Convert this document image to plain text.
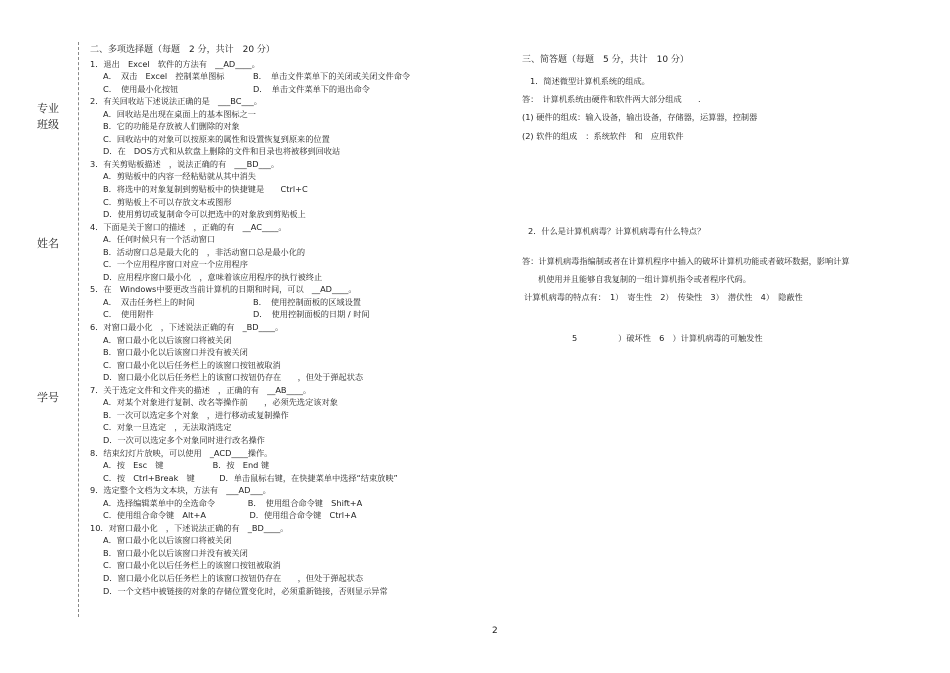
专业
班级
姓名
学号
二、多项选择题（每题　2 分，共计　20 分）
1．退出　Excel　软件的方法有　__AD____。
A．　双击　Excel　控制菜单图标	B．　单击文件菜单下的关闭或关闭文件命令
C．　使用最小化按钮	D．　单击文件菜单下的退出命令
2．有关回收站下述说法正确的是　___BC___。
A．回收站是出现在桌面上的基本图标之一
B．它的功能是存放被人们删除的对象
C．回收站中的对象可以按原来的属性和设置恢复到原来的位置
D．在　DOS方式和从软盘上删除的文件和目录也将被移到回收站
3．有关剪贴板描述　，说法正确的有　___BD___。
A．剪贴板中的内容一经粘贴就从其中消失
B．将选中的对象复制到剪贴板中的快捷键是　　Ctrl+C
C．剪贴板上不可以存放文本或图形
D．使用剪切或复制命令可以把选中的对象放到剪贴板上
4．下面是关于窗口的描述　，正确的有　__AC____。
A．任何时候只有一个活动窗口
B．活动窗口总是最大化的　，非活动窗口总是最小化的
C．一个应用程序窗口对应一个应用程序
D．应用程序窗口最小化　，意味着该应用程序的执行被终止
5．在　Windows中要更改当前计算机的日期和时间，可以　__AD____。
A．　双击任务栏上的时间	B．　使用控制面板的区域设置
C．　使用附件	D．　使用控制面板的日期 / 时间
6．对窗口最小化　，下述说法正确的有　_BD____。
A．窗口最小化以后该窗口将被关闭
B．窗口最小化以后该窗口并没有被关闭
C．窗口最小化以后任务栏上的该窗口按钮被取消
D．窗口最小化以后任务栏上的该窗口按钮仍存在　　，但处于弹起状态
7．关于选定文件和文件夹的描述　，正确的有　__AB____。
A．对某个对象进行复制、改名等操作前　　，必须先选定该对象
B．一次可以选定多个对象　，进行移动或复制操作
C．对象一旦选定　，无法取消选定
D．一次可以选定多个对象同时进行改名操作
8．结束幻灯片放映，可以使用　_ACD____操作。
A．按　Esc　键　　　　　　B．按　End 键
C．按　Ctrl+Break　键　　　D．单击鼠标右键，在快捷菜单中选择“结束放映”
9．选定整个文档为文本块，方法有　___AD___。
A．选择编辑菜单中的全选命令　　　　B．　使用组合命令键　Shift+A
C．使用组合命令键　Alt+A　　　　　 D．使用组合命令键　Ctrl+A
10．对窗口最小化　，下述说法正确的有　_BD____。
A．窗口最小化以后该窗口将被关闭
B．窗口最小化以后该窗口并没有被关闭
C．窗口最小化以后任务栏上的该窗口按钮被取消
D．窗口最小化以后任务栏上的该窗口按钮仍存在　　，但处于弹起状态
D．一个文档中被链接的对象的存储位置变化时，必须重新链接，否则显示异常
三、简答题（每题　5 分，共计　10 分）
1．简述微型计算机系统的组成。
答：　计算机系统由硬件和软件两大部分组成　　.
(1) 硬件的组成：输入设备，输出设备，存储器，运算器，控制器
(2) 软件的组成　：系统软件　和　应用软件
2．什么是计算机病毒？计算机病毒有什么特点？
答：计算机病毒指编制或者在计算机程序中插入的破坏计算机功能或者破坏数据，影响计算
机使用并且能够自我复制的一组计算机指令或者程序代码。
计算机病毒的特点有：　1）　寄生性　2）　传染性　3）　潜伏性　4）　隐蔽性
5　　　　　）破坏性　6　）计算机病毒的可触发性
2
